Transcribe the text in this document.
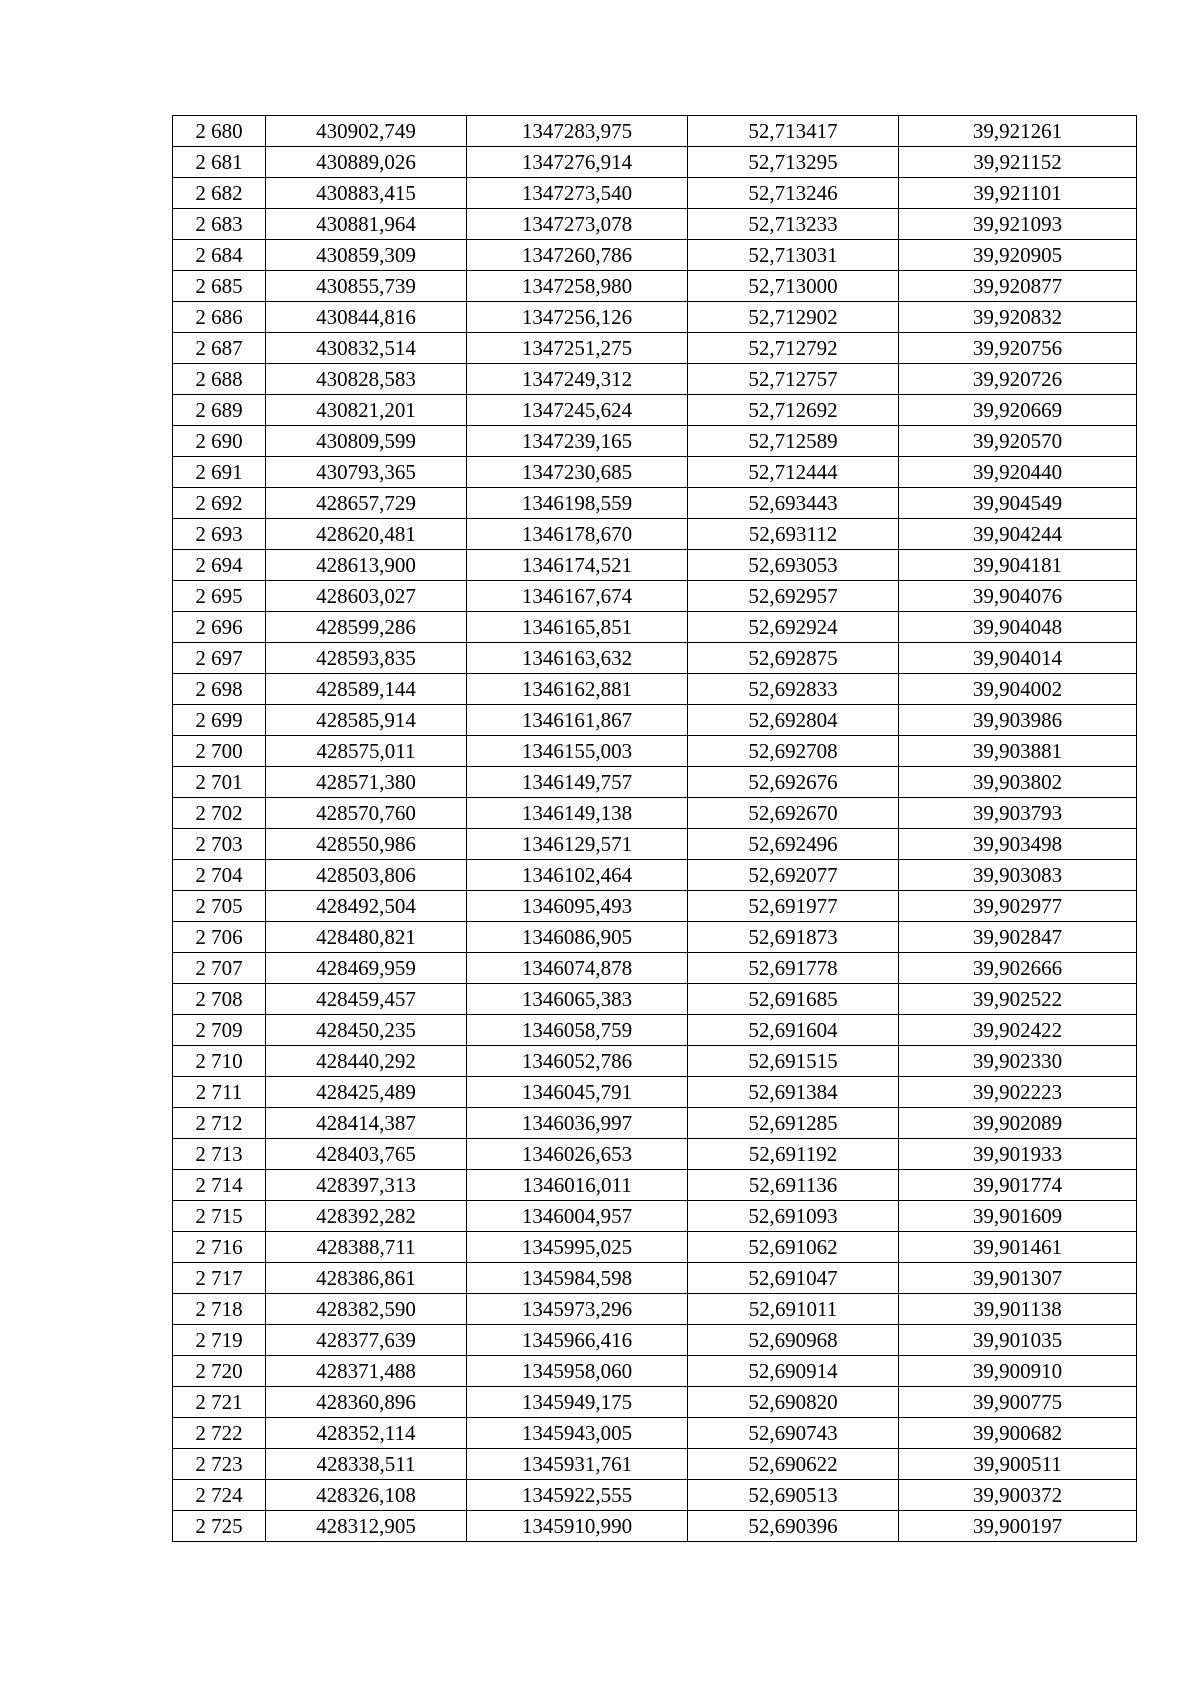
2 680	430902,749	1347283,975	52,713417	39,921261
2 681	430889,026	1347276,914	52,713295	39,921152
2 682	430883,415	1347273,540	52,713246	39,921101
2 683	430881,964	1347273,078	52,713233	39,921093
2 684	430859,309	1347260,786	52,713031	39,920905
2 685	430855,739	1347258,980	52,713000	39,920877
2 686	430844,816	1347256,126	52,712902	39,920832
2 687	430832,514	1347251,275	52,712792	39,920756
2 688	430828,583	1347249,312	52,712757	39,920726
2 689	430821,201	1347245,624	52,712692	39,920669
2 690	430809,599	1347239,165	52,712589	39,920570
2 691	430793,365	1347230,685	52,712444	39,920440
2 692	428657,729	1346198,559	52,693443	39,904549
2 693	428620,481	1346178,670	52,693112	39,904244
2 694	428613,900	1346174,521	52,693053	39,904181
2 695	428603,027	1346167,674	52,692957	39,904076
2 696	428599,286	1346165,851	52,692924	39,904048
2 697	428593,835	1346163,632	52,692875	39,904014
2 698	428589,144	1346162,881	52,692833	39,904002
2 699	428585,914	1346161,867	52,692804	39,903986
2 700	428575,011	1346155,003	52,692708	39,903881
2 701	428571,380	1346149,757	52,692676	39,903802
2 702	428570,760	1346149,138	52,692670	39,903793
2 703	428550,986	1346129,571	52,692496	39,903498
2 704	428503,806	1346102,464	52,692077	39,903083
2 705	428492,504	1346095,493	52,691977	39,902977
2 706	428480,821	1346086,905	52,691873	39,902847
2 707	428469,959	1346074,878	52,691778	39,902666
2 708	428459,457	1346065,383	52,691685	39,902522
2 709	428450,235	1346058,759	52,691604	39,902422
2 710	428440,292	1346052,786	52,691515	39,902330
2 711	428425,489	1346045,791	52,691384	39,902223
2 712	428414,387	1346036,997	52,691285	39,902089
2 713	428403,765	1346026,653	52,691192	39,901933
2 714	428397,313	1346016,011	52,691136	39,901774
2 715	428392,282	1346004,957	52,691093	39,901609
2 716	428388,711	1345995,025	52,691062	39,901461
2 717	428386,861	1345984,598	52,691047	39,901307
2 718	428382,590	1345973,296	52,691011	39,901138
2 719	428377,639	1345966,416	52,690968	39,901035
2 720	428371,488	1345958,060	52,690914	39,900910
2 721	428360,896	1345949,175	52,690820	39,900775
2 722	428352,114	1345943,005	52,690743	39,900682
2 723	428338,511	1345931,761	52,690622	39,900511
2 724	428326,108	1345922,555	52,690513	39,900372
2 725	428312,905	1345910,990	52,690396	39,900197
